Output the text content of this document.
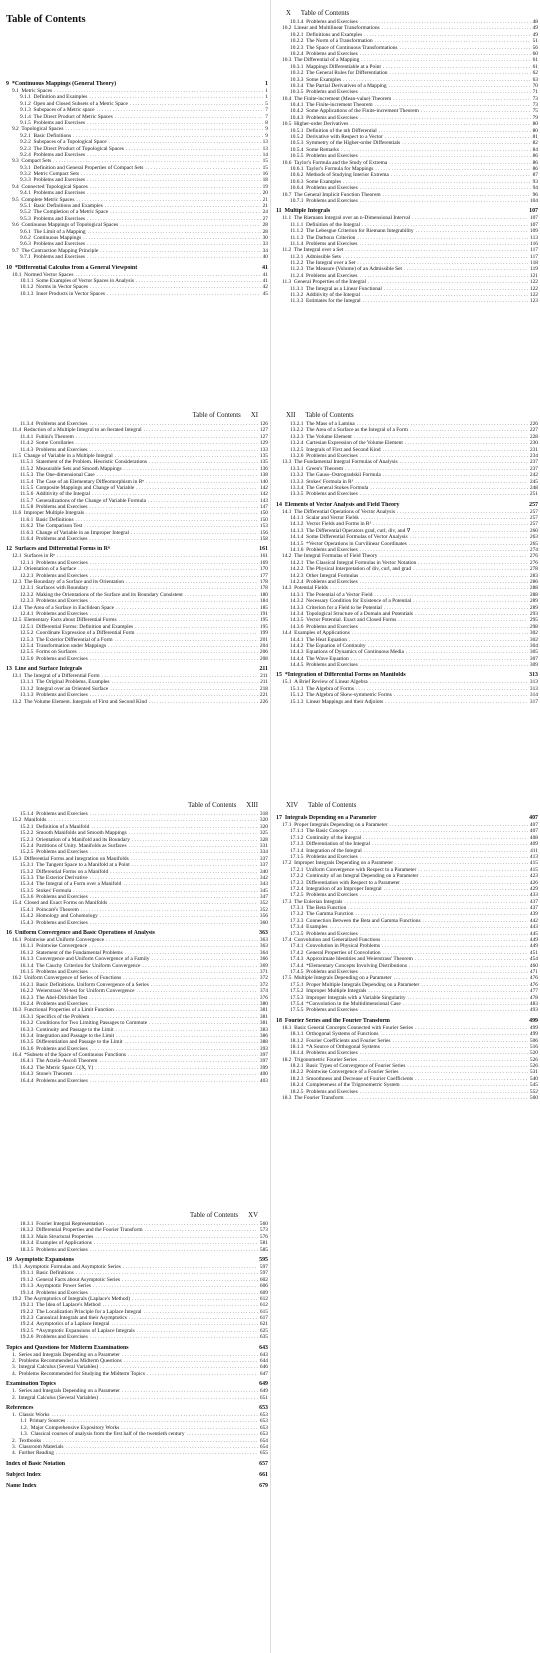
Table of Contents
9 *Continuous Mappings (General Theory)	1
9.1 Metric Spaces . . .	1
9.1.1 Definition and Examples . . .	1
9.1.2 Open and Closed Subsets of a Metric Space . . .	5
9.1.3 Subspaces of a Metric space . . .	7
9.1.4 The Direct Product of Metric Spaces . . .	7
9.1.5 Problems and Exercises . . .	8
9.2 Topological Spaces . . .	9
9.2.1 Basic Definitions . . .	9
9.2.2 Subspaces of a Topological Space . . .	13
9.2.3 The Direct Product of Topological Spaces . . .	13
9.2.4 Problems and Exercises . . .	14
9.3 Compact Sets . . .	15
9.3.1 Definition and General Properties of Compact Sets . . .	15
9.3.2 Metric Compact Sets . . .	16
9.3.3 Problems and Exercises . . .	18
9.4 Connected Topological Spaces . . .	19
9.4.1 Problems and Exercises . . .	20
9.5 Complete Metric Spaces . . .	21
9.5.1 Basic Definitions and Examples . . .	21
9.5.2 The Completion of a Metric Space . . .	24
9.5.3 Problems and Exercises . . .	27
9.6 Continuous Mappings of Topological Spaces . . .	28
9.6.1 The Limit of a Mapping . . .	28
9.6.2 Continuous Mappings . . .	30
9.6.3 Problems and Exercises . . .	33
9.7 The Contraction Mapping Principle . . .	34
9.7.1 Problems and Exercises . . .	40
10 *Differential Calculus from a General Viewpoint	41
10.1 Normed Vector Spaces . . .	41
10.1.1 Some Examples of Vector Spaces in Analysis . . .	41
10.1.2 Norms in Vector Spaces . . .	42
10.1.3 Inner Products in Vector Spaces . . .	45
X Table of Contents
10.1.4 Problems and Exercises . . .	48
10.2 Linear and Multilinear Transformations . . .	49
10.2.1 Definitions and Examples . . .	49
10.2.2 The Norm of a Transformation . . .	51
10.2.3 The Space of Continuous Transformations . . .	56
10.2.4 Problems and Exercises . . .	60
10.3 The Differential of a Mapping . . .	61
10.3.1 Mappings Differentiable at a Point . . .	61
10.3.2 The General Rules for Differentiation . . .	62
10.3.3 Some Examples . . .	63
10.3.4 The Partial Derivatives of a Mapping . . .	70
10.3.5 Problems and Exercises . . .	71
10.4 The Finite-increment (Mean-value) Theorem . . .	73
10.4.1 The Finite-increment Theorem . . .	73
10.4.2 Some Applications of the Finite-increment Theorem . . .	75
10.4.3 Problems and Exercises . . .	79
10.5 Higher-order Derivatives . . .	80
10.5.1 Definition of the nth Differential . . .	80
10.5.2 Derivative with Respect to a Vector . . .	81
10.5.3 Symmetry of the Higher-order Differentials . . .	82
10.5.4 Some Remarks . . .	84
10.5.5 Problems and Exercises . . .	86
10.6 Taylor's Formula and the Study of Extrema . . .	86
10.6.1 Taylor's Formula for Mappings . . .	86
10.6.2 Methods of Studying Interior Extrema . . .	87
10.6.3 Some Examples . . .	93
10.6.4 Problems and Exercises . . .	94
10.7 The General Implicit Function Theorem . . .	96
10.7.1 Problems and Exercises . . .	104
11 Multiple Integrals	107
11.1 The Riemann Integral over an n-Dimensional Interval . . .	107
11.1.1 Definition of the Integral . . .	107
11.1.2 The Lebesgue Criterion for Riemann Integrability . . .	109
11.1.3 The Darboux Criterion . . .	113
11.1.4 Problems and Exercises . . .	116
11.2 The Integral over a Set . . .	117
11.2.1 Admissible Sets . . .	117
11.2.2 The Integral over a Set . . .	118
11.2.3 The Measure (Volume) of an Admissible Set . . .	119
11.2.4 Problems and Exercises . . .	121
11.3 General Properties of the Integral . . .	122
11.3.1 The Integral as a Linear Functional . . .	122
11.3.2 Additivity of the Integral . . .	122
11.3.3 Estimates for the Integral . . .	123
Table of Contents XI
11.3.4 Problems and Exercises . . .	126
11.4 Reduction of a Multiple Integral to an Iterated Integral . . .	127
11.4.1 Fubini's Theorem . . .	127
11.4.2 Some Corollaries . . .	129
11.4.3 Problems and Exercises . . .	133
11.5 Change of Variable in a Multiple Integral . . .	135
11.5.1 Statement of the Problem. Heuristic Considerations . . .	135
11.5.2 Measurable Sets and Smooth Mappings . . .	136
11.5.3 The One-dimensional Case . . .	138
11.5.4 The Case of an Elementary Diffeomorphism in Rⁿ . . .	140
11.5.5 Composite Mappings and Change of Variable . . .	142
11.5.6 Additivity of the Integral . . .	142
11.5.7 Generalizations of the Change of Variable Formula . . .	143
11.5.8 Problems and Exercises . . .	147
11.6 Improper Multiple Integrals . . .	150
11.6.1 Basic Definitions . . .	150
11.6.2 The Comparison Test . . .	153
11.6.3 Change of Variable in an Improper Integral . . .	156
11.6.4 Problems and Exercises . . .	158
12 Surfaces and Differential Forms in Rⁿ	161
12.1 Surfaces in Rⁿ . . .	161
12.1.1 Problems and Exercises . . .	169
12.2 Orientation of a Surface . . .	170
12.2.1 Problems and Exercises . . .	177
12.3 The Boundary of a Surface and its Orientation . . .	178
12.3.1 Surfaces with Boundary . . .	178
12.3.2 Making the Orientations of the Surface and its Boundary Consistent . . .	180
12.3.3 Problems and Exercises . . .	184
12.4 The Area of a Surface in Euclidean Space . . .	185
12.4.1 Problems and Exercises . . .	191
12.5 Elementary Facts about Differential Forms . . .	195
12.5.1 Differential Forms: Definition and Examples . . .	195
12.5.2 Coordinate Expression of a Differential Form . . .	199
12.5.3 The Exterior Differential of a Form . . .	201
12.5.4 Transformation under Mappings . . .	204
12.5.5 Forms on Surfaces . . .	206
12.5.6 Problems and Exercises . . .	208
13 Line and Surface Integrals	211
13.1 The Integral of a Differential Form . . .	211
13.1.1 The Original Problems. Examples . . .	211
13.1.2 Integral over an Oriented Surface . . .	218
13.1.3 Problems and Exercises . . .	221
13.2 The Volume Element. Integrals of First and Second Kind . . .	226
XII Table of Contents
13.2.1 The Mass of a Lamina . . .	226
13.2.2 The Area of a Surface as the Integral of a Form . . .	227
13.2.3 The Volume Element . . .	228
13.2.4 Cartesian Expression of the Volume Element . . .	230
13.2.5 Integrals of First and Second Kind . . .	231
13.2.6 Problems and Exercises . . .	234
13.3 The Fundamental Integral Formulas of Analysis . . .	237
13.3.1 Green's Theorem . . .	237
13.3.2 The Gauss–Ostrogradskii Formula . . .	242
13.3.3 Stokes' Formula in R³ . . .	245
13.3.4 The General Stokes Formula . . .	248
13.3.5 Problems and Exercises . . .	251
14 Elements of Vector Analysis and Field Theory	257
14.1 The Differential Operations of Vector Analysis . . .	257
14.1.1 Scalar and Vector Fields . . .	257
14.1.2 Vector Fields and Forms in R³ . . .	257
14.1.3 The Differential Operators grad, curl, div, and ∇ . . .	260
14.1.4 Some Differential Formulas of Vector Analysis . . .	263
14.1.5 *Vector Operations in Curvilinear Coordinates . . .	265
14.1.6 Problems and Exercises . . .	274
14.2 The Integral Formulas of Field Theory . . .	276
14.2.1 The Classical Integral Formulas in Vector Notation . . .	276
14.2.2 The Physical Interpretation of div, curl, and grad . . .	278
14.2.3 Other Integral Formulas . . .	283
14.2.4 Problems and Exercises . . .	286
14.3 Potential Fields . . .	288
14.3.1 The Potential of a Vector Field . . .	288
14.3.2 Necessary Condition for Existence of a Potential . . .	289
14.3.3 Criterion for a Field to be Potential . . .	289
14.3.4 Topological Structure of a Domain and Potentials . . .	293
14.3.5 Vector Potential. Exact and Closed Forms . . .	295
14.3.6 Problems and Exercises . . .	298
14.4 Examples of Applications . . .	302
14.4.1 The Heat Equation . . .	302
14.4.2 The Equation of Continuity . . .	304
14.4.3 Equations of Dynamics of Continuous Media . . .	305
14.4.4 The Wave Equation . . .	307
14.4.5 Problems and Exercises . . .	309
15 *Integration of Differential Forms on Manifolds	313
15.1 A Brief Review of Linear Algebra . . .	313
15.1.1 The Algebra of Forms . . .	313
15.1.2 The Algebra of Skew-symmetric Forms . . .	314
15.1.3 Linear Mappings and their Adjoints . . .	317
Table of Contents XIII
15.1.4 Problems and Exercises . . .	318
15.2 Manifolds . . .	320
15.2.1 Definition of a Manifold . . .	320
15.2.2 Smooth Manifolds and Smooth Mappings . . .	325
15.2.3 Orientation of a Manifold and its Boundary . . .	328
15.2.4 Partitions of Unity. Manifolds as Surfaces . . .	331
15.2.5 Problems and Exercises . . .	334
15.3 Differential Forms and Integration on Manifolds . . .	337
15.3.1 The Tangent Space to a Manifold at a Point . . .	337
15.3.2 Differential Forms on a Manifold . . .	340
15.3.3 The Exterior Derivative . . .	342
15.3.4 The Integral of a Form over a Manifold . . .	343
15.3.5 Stokes' Formula . . .	345
15.3.6 Problems and Exercises . . .	347
15.4 Closed and Exact Forms on Manifolds . . .	352
15.4.1 Poincaré's Theorem . . .	352
15.4.2 Homology and Cohomology . . .	356
15.4.3 Problems and Exercises . . .	360
16 Uniform Convergence and Basic Operations of Analysis	363
16.1 Pointwise and Uniform Convergence . . .	363
16.1.1 Pointwise Convergence . . .	363
16.1.2 Statement of the Fundamental Problems . . .	364
16.1.3 Convergence and Uniform Convergence of a Family . . .	366
16.1.4 The Cauchy Criterion for Uniform Convergence . . .	369
16.1.5 Problems and Exercises . . .	371
16.2 Uniform Convergence of Series of Functions . . .	372
16.2.1 Basic Definitions. Uniform Convergence of a Series . . .	372
16.2.2 Weierstrass' M-test for Uniform Convergence . . .	374
16.2.3 The Abel-Dirichlet Test . . .	376
16.2.4 Problems and Exercises . . .	380
16.3 Functional Properties of a Limit Function . . .	381
16.3.1 Specifics of the Problem . . .	381
16.3.2 Conditions for Two Limiting Passages to Commute . . .	381
16.3.3 Continuity and Passage to the Limit . . .	383
16.3.4 Integration and Passage to the Limit . . .	386
16.3.5 Differentiation and Passage to the Limit . . .	388
16.3.6 Problems and Exercises . . .	393
16.4 *Subsets of the Space of Continuous Functions . . .	397
16.4.1 The Arzelà–Ascoli Theorem . . .	397
16.4.2 The Metric Space C(X, Y) . . .	399
16.4.3 Stone's Theorem . . .	400
16.4.4 Problems and Exercises . . .	403
XIV Table of Contents
17 Integrals Depending on a Parameter	407
17.1 Proper Integrals Depending on a Parameter . . .	407
17.1.1 The Basic Concept . . .	407
17.1.2 Continuity of the Integral . . .	408
17.1.3 Differentiation of the Integral . . .	409
17.1.4 Integration of the Integral . . .	411
17.1.5 Problems and Exercises . . .	413
17.2 Improper Integrals Depending on a Parameter . . .	415
17.2.1 Uniform Convergence with Respect to a Parameter . . .	415
17.2.2 Continuity of an Integral Depending on a Parameter . . .	423
17.2.3 Differentiation with Respect to a Parameter . . .	426
17.2.4 Integration of an Improper Integral . . .	429
17.2.5 Problems and Exercises . . .	433
17.3 The Eulerian Integrals . . .	437
17.3.1 The Beta Function . . .	437
17.3.2 The Gamma Function . . .	439
17.3.3 Connection Between the Beta and Gamma Functions . . .	442
17.3.4 Examples . . .	443
17.3.5 Problems and Exercises . . .	445
17.4 Convolution and Generalized Functions . . .	449
17.4.1 Convolution in Physical Problems . . .	449
17.4.2 General Properties of Convolution . . .	451
17.4.3 Approximate Identities and Weierstrass' Theorem . . .	454
17.4.4 *Elementary Concepts Involving Distributions . . .	460
17.4.5 Problems and Exercises . . .	471
17.5 Multiple Integrals Depending on a Parameter . . .	476
17.5.1 Proper Multiple Integrals Depending on a Parameter . . .	476
17.5.2 Improper Multiple Integrals . . .	477
17.5.3 Improper Integrals with a Variable Singularity . . .	478
17.5.4 *Convolution in the Multidimensional Case . . .	483
17.5.5 Problems and Exercises . . .	493
18 Fourier Series and the Fourier Transform	499
18.1 Basic General Concepts Connected with Fourier Series . . .	499
18.1.1 Orthogonal Systems of Functions . . .	499
18.1.2 Fourier Coefficients and Fourier Series . . .	506
18.1.3 *A Source of Orthogonal Systems . . .	516
18.1.4 Problems and Exercises . . .	520
18.2 Trigonometric Fourier Series . . .	526
18.2.1 Basic Types of Convergence of Fourier Series . . .	526
18.2.2 Pointwise Convergence of a Fourier Series . . .	531
18.2.3 Smoothness and Decrease of Fourier Coefficients . . .	540
18.2.4 Completeness of the Trigonometric System . . .	545
18.2.5 Problems and Exercises . . .	552
18.3 The Fourier Transform . . .	560
Table of Contents XV
18.3.1 Fourier Integral Representation . . .	560
18.3.2 Differential Properties and the Fourier Transform . . .	573
18.3.3 Main Structural Properties . . .	576
18.3.4 Examples of Applications . . .	581
18.3.5 Problems and Exercises . . .	585
19 Asymptotic Expansions	595
19.1 Asymptotic Formulas and Asymptotic Series . . .	597
19.1.1 Basic Definitions . . .	597
19.1.2 General Facts about Asymptotic Series . . .	602
19.1.3 Asymptotic Power Series . . .	606
19.1.4 Problems and Exercises . . .	609
19.2 The Asymptotics of Integrals (Laplace's Method) . . .	612
19.2.1 The Idea of Laplace's Method . . .	612
19.2.2 The Localization Principle for a Laplace Integral . . .	615
19.2.3 Canonical Integrals and their Asymptotics . . .	617
19.2.4 Asymptotics of a Laplace Integral . . .	621
19.2.5 *Asymptotic Expansions of Laplace Integrals . . .	625
19.2.6 Problems and Exercises . . .	635
Topics and Questions for Midterm Examinations	643
1. Series and Integrals Depending on a Parameter . . .	643
2. Problems Recommended as Midterm Questions . . .	644
3. Integral Calculus (Several Variables) . . .	646
4. Problems Recommended for Studying the Midterm Topics . . .	647
Examination Topics	649
1. Series and Integrals Depending on a Parameter . . .	649
2. Integral Calculus (Several Variables) . . .	651
References	653
1. Classic Works . . .	653
1.1 Primary Sources . . .	653
1.2. Major Comprehensive Expository Works . . .	653
1.3. Classical courses of analysis from the first half of the twentieth century . . .	653
2. Textbooks . . .	654
3. Classroom Materials . . .	654
4. Further Reading . . .	655
Index of Basic Notation	657
Subject Index	661
Name Index	679
